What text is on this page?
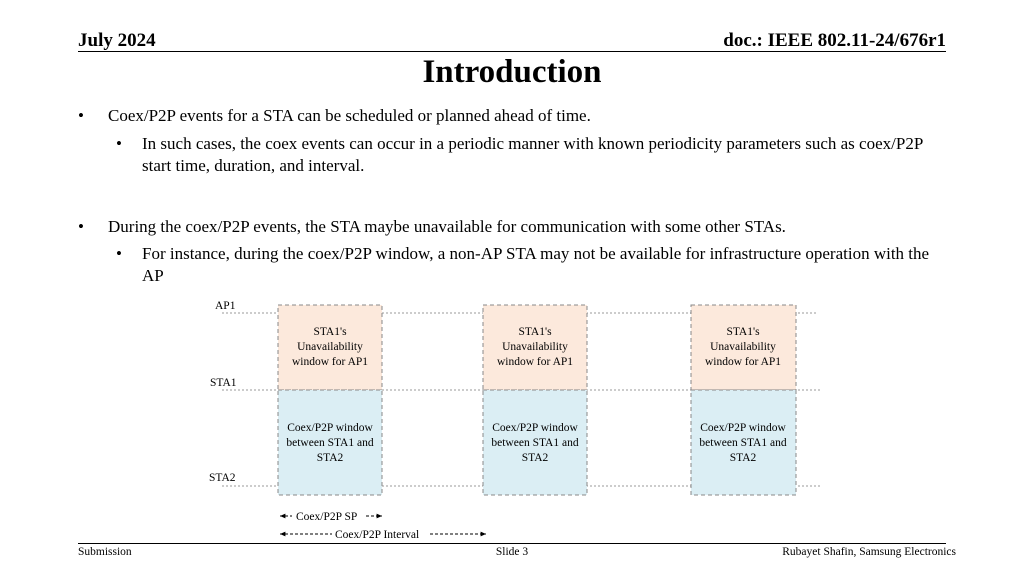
July 2024	doc.: IEEE 802.11-24/676r1
Introduction
• Coex/P2P events for a STA can be scheduled or planned ahead of time.
• In such cases, the coex events can occur in a periodic manner with known periodicity parameters such as coex/P2P start time, duration, and interval.
• During the coex/P2P events, the STA maybe unavailable for communication with some other STAs.
• For instance, during the coex/P2P window, a non-AP STA may not be available for infrastructure operation with the AP
AP1
STA1
STA2
STA1's
Unavailability
window for AP1
Coex/P2P window
between STA1 and
STA2
STA1's
Unavailability
window for AP1
Coex/P2P window
between STA1 and
STA2
STA1's
Unavailability
window for AP1
Coex/P2P window
between STA1 and
STA2
Coex/P2P SP
Coex/P2P Interval
Submission	Slide 3	Rubayet Shafin, Samsung Electronics
